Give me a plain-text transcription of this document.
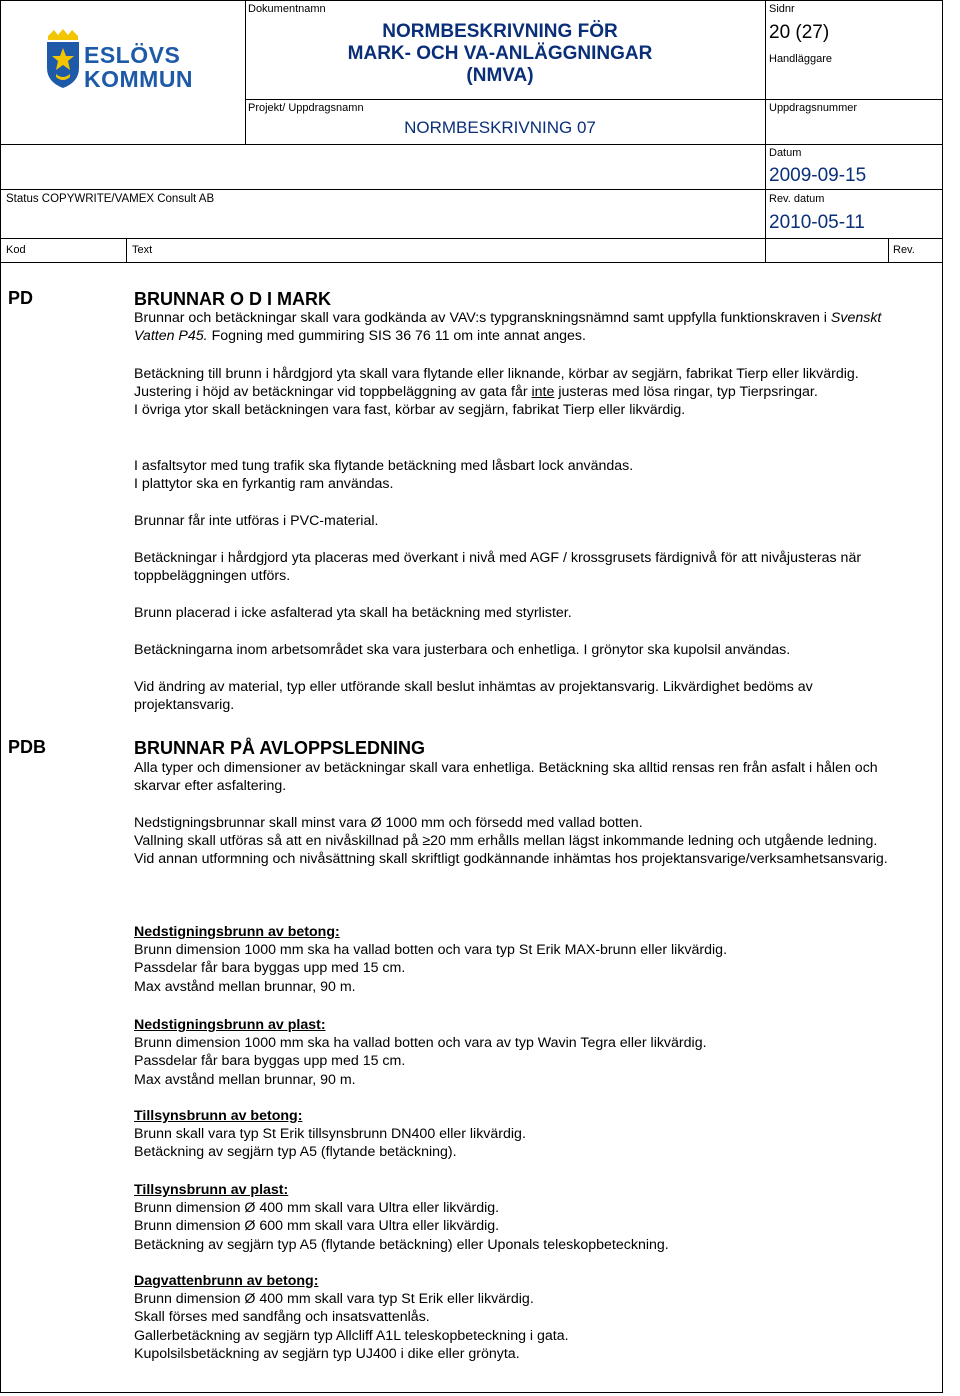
ESLÖVS
KOMMUN
Status COPYWRITE/VAMEX Consult AB
Dokumentnamn
NORMBESKRIVNING FÖR
MARK- OCH VA-ANLÄGGNINGAR
(NMVA)
Projekt/ Uppdragsnamn
NORMBESKRIVNING 07
Sidnr
20 (27)
Handläggare
Uppdragsnummer
Datum
2009-09-15
Rev. datum
2010-05-11
Kod	Text	Rev.
PD	BRUNNAR O D I MARK

Brunnar och betäckningar skall vara godkända av VAV:s typgranskningsnämnd samt uppfylla funktionskraven i Svenskt Vatten P45. Fogning med gummiring SIS 36 76 11 om inte annat anges.

Betäckning till brunn i hårdgjord yta skall vara flytande eller liknande, körbar av segjärn, fabrikat Tierp eller likvärdig. Justering i höjd av betäckningar vid toppbeläggning av gata får inte justeras med lösa ringar, typ Tierpsringar.

I övriga ytor skall betäckningen vara fast, körbar av segjärn, fabrikat Tierp eller likvärdig.

I asfaltsytor med tung trafik ska flytande betäckning med låsbart lock användas.

I plattytor ska en fyrkantig ram användas.

Brunnar får inte utföras i PVC-material.
Betäckningar i hårdgjord yta placeras med överkant i nivå med AGF / krossgrusets färdignivå för att nivåjusteras när toppbeläggningen utförs.
Brunn placerad i icke asfalterad yta skall ha betäckning med styrlister.
Betäckningarna inom arbetsområdet ska vara justerbara och enhetliga. I grönytor ska kupolsil användas.
Vid ändring av material, typ eller utförande skall beslut inhämtas av projektansvarig. Likvärdighet bedöms av projektansvarig.
PDB	BRUNNAR PÅ AVLOPPSLEDNING
Alla typer och dimensioner av betäckningar skall vara enhetliga. Betäckning ska alltid rensas ren från asfalt i hålen och skarvar efter asfaltering.

Nedstigningsbrunnar skall minst vara Ø 1000 mm och försedd med vallad botten.

Vallning skall utföras så att en nivåskillnad på ≥20 mm erhålls mellan lägst inkommande ledning och utgående ledning.

Vid annan utformning och nivåsättning skall skriftligt godkännande inhämtas hos projektansvarige/verksamhetsansvarig.

Nedstigningsbrunn av betong:

Brunn dimension 1000 mm ska ha vallad botten och vara typ St Erik MAX-brunn eller likvärdig.

Passdelar får bara byggas upp med 15 cm.

Max avstånd mellan brunnar, 90 m.

Nedstigningsbrunn av plast:

Brunn dimension 1000 mm ska ha vallad botten och vara av typ Wavin Tegra eller likvärdig.

Passdelar får bara byggas upp med 15 cm.

Max avstånd mellan brunnar, 90 m.

Tillsynsbrunn av betong:

Brunn skall vara typ St Erik tillsynsbrunn DN400 eller likvärdig.

Betäckning av segjärn typ A5 (flytande betäckning).

Tillsynsbrunn av plast:

Brunn dimension Ø 400 mm skall vara Ultra eller likvärdig.

Brunn dimension Ø 600 mm skall vara Ultra eller likvärdig.

Betäckning av segjärn typ A5 (flytande betäckning) eller Uponals teleskopbeteckning.

Dagvattenbrunn av betong:

Brunn dimension Ø 400 mm skall vara typ St Erik eller likvärdig.

Skall förses med sandfång och insatsvattenlås.

Gallerbetäckning av segjärn typ Allcliff A1L teleskopbeteckning i gata.

Kupolsilsbetäckning av segjärn typ UJ400 i dike eller grönyta.
